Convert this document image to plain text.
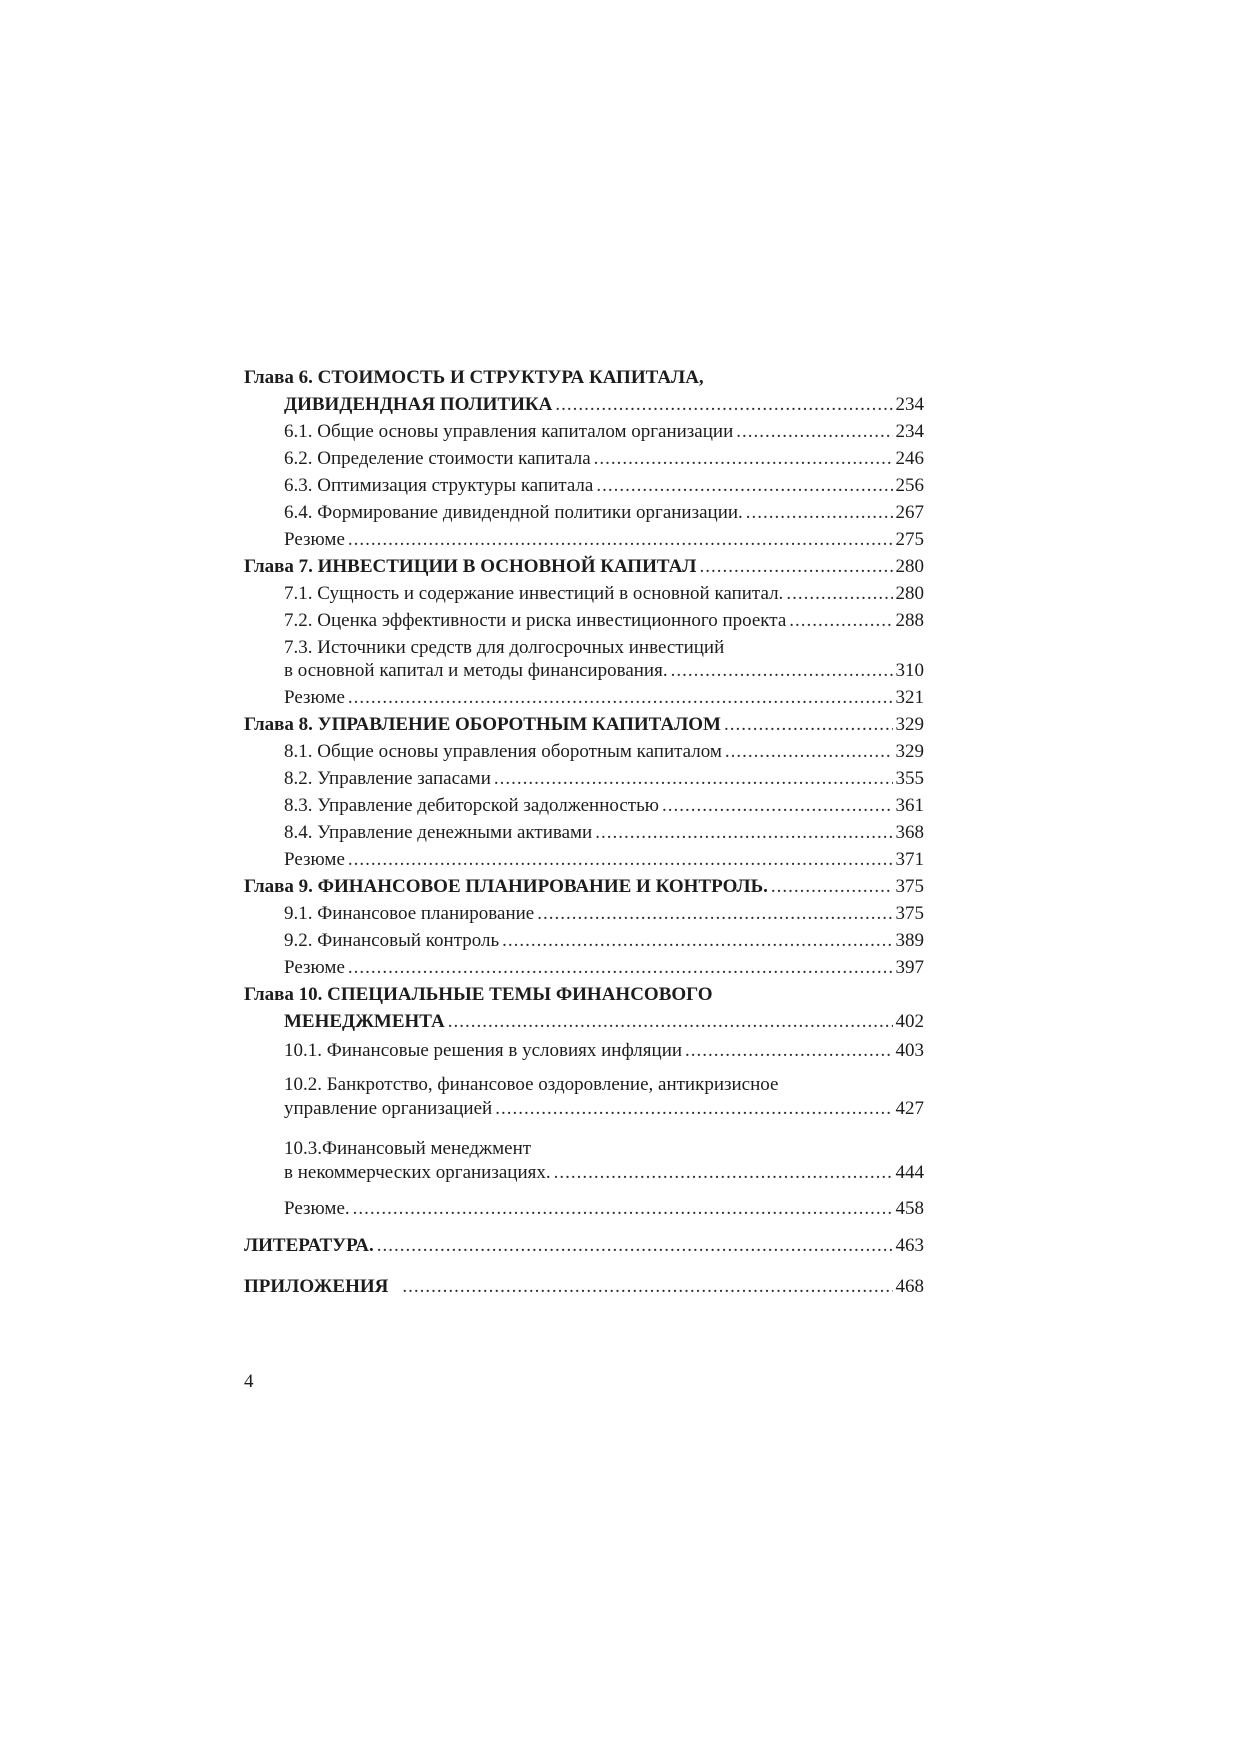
Глава 6. СТОИМОСТЬ И СТРУКТУРА КАПИТАЛА,
ДИВИДЕНДНАЯ ПОЛИТИКА .....	234
6.1. Общие основы управления капиталом организации .....	234
6.2. Определение стоимости капитала .....	246
6.3. Оптимизация структуры капитала .....	256
6.4. Формирование дивидендной политики организации. .....	267
Резюме .....	275
Глава 7. ИНВЕСТИЦИИ В ОСНОВНОЙ КАПИТАЛ .....	280
7.1. Сущность и содержание инвестиций в основной капитал. .....	280
7.2. Оценка эффективности и риска инвестиционного проекта .....	288
7.3. Источники средств для долгосрочных инвестиций
в основной капитал и методы финансирования. .....	310
Резюме .....	321
Глава 8. УПРАВЛЕНИЕ ОБОРОТНЫМ КАПИТАЛОМ .....	329
8.1. Общие основы управления оборотным капиталом .....	329
8.2. Управление запасами .....	355
8.3. Управление дебиторской задолженностью .....	361
8.4. Управление денежными активами .....	368
Резюме .....	371
Глава 9. ФИНАНСОВОЕ ПЛАНИРОВАНИЕ И КОНТРОЛЬ. .....	375
9.1. Финансовое планирование .....	375
9.2. Финансовый контроль .....	389
Резюме .....	397
Глава 10. СПЕЦИАЛЬНЫЕ ТЕМЫ ФИНАНСОВОГО
МЕНЕДЖМЕНТА .....	402
10.1. Финансовые решения в условиях инфляции .....	403
10.2. Банкротство, финансовое оздоровление, антикризисное
управление организацией .....	427
10.3.Финансовый менеджмент
в некоммерческих организациях. .....	444
Резюме. .....	458
ЛИТЕРАТУРА. .....	463
ПРИЛОЖЕНИЯ .....	468
4
